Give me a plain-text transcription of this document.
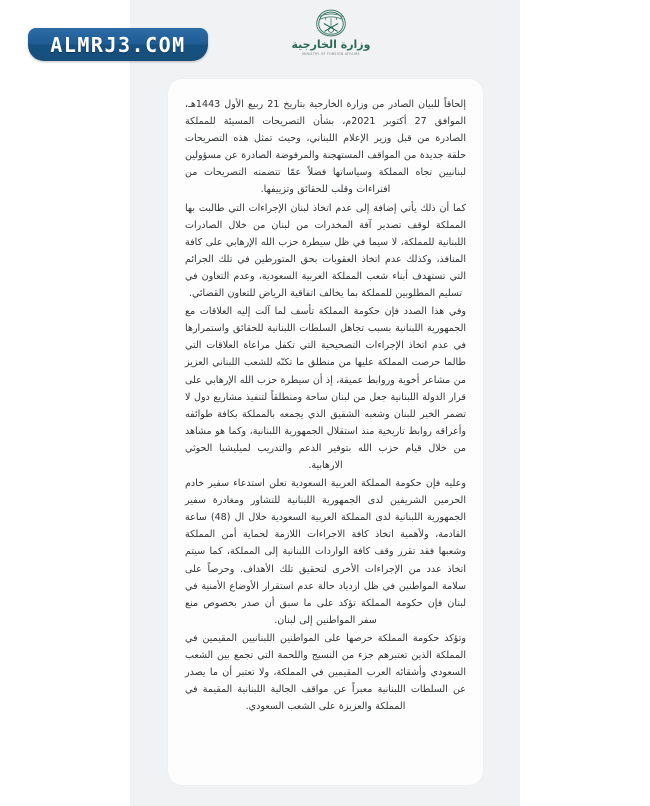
ALMRJ3.COM	وزارة الخارجية
MINISTRY OF FOREIGN AFFAIRS

إلحاقاً للبيان الصادر من وزارة الخارجية بتاريخ 21 ربيع الأول 1443هـ، الموافق 27 أكتوبر 2021م، بشأن التصريحات المسيئة للمملكة الصادرة من قبل وزير الإعلام اللبناني، وحيث تمثل هذه التصريحات حلقة جديدة من المواقف المستهجنة والمرفوضة الصادرة عن مسؤولين لبنانيين تجاه المملكة وسياساتها فضلاً عمّا تتضمنه التصريحات من افتراءات وقلب للحقائق وتزييفها.

كما أن ذلك يأتي إضافة إلى عدم اتخاذ لبنان الإجراءات التي طالبت بها المملكة لوقف تصدير آفة المخدرات من لبنان من خلال الصادرات اللبنانية للمملكة، لا سيما في ظل سيطرة حزب الله الإرهابي على كافة المنافذ، وكذلك عدم اتخاذ العقوبات بحق المتورطين في تلك الجرائم التي تستهدف أبناء شعب المملكة العربية السعودية، وعدم التعاون في تسليم المطلوبين للمملكة بما يخالف اتفاقية الرياض للتعاون القضائي.

وفي هذا الصدد فإن حكومة المملكة تأسف لما آلت إليه العلاقات مع الجمهورية اللبنانية بسبب تجاهل السلطات اللبنانية للحقائق واستمرارها في عدم اتخاذ الإجراءات التصحيحية التي تكفل مراعاة العلاقات التي طالما حرصت المملكة عليها من منطلق ما تكنّه للشعب اللبناني العزيز من مشاعر أخوية وروابط عميقة، إذ أن سيطرة حزب الله الإرهابي على قرار الدولة اللبنانية جعل من لبنان ساحة ومنطلقاً لتنفيذ مشاريع دول لا تضمر الخير للبنان وشعبه الشقيق الذي يجمعه بالمملكة بكافة طوائفه وأعراقه روابط تاريخية منذ استقلال الجمهورية اللبنانية، وكما هو مشاهد من خلال قيام حزب الله بتوفير الدعم والتدريب لميليشيا الحوثي الارهابية.

وعليه فإن حكومة المملكة العربية السعودية تعلن استدعاء سفير خادم الحرمين الشريفين لدى الجمهورية اللبنانية للتشاور ومغادرة سفير الجمهورية اللبنانية لدى المملكة العربية السعودية خلال ال (48) ساعة القادمة، ولأهمية اتخاذ كافة الاجراءات اللازمة لحماية أمن المملكة وشعبها فقد تقرر وقف كافة الواردات اللبنانية إلى المملكة، كما سيتم اتخاذ عدد من الإجراءات الأخرى لتحقيق تلك الأهداف. وحرصاً على سلامة المواطنين في ظل ازدياد حالة عدم استقرار الأوضاع الأمنية في لبنان فإن حكومة المملكة تؤكد على ما سبق أن صدر بخصوص منع سفر المواطنين إلى لبنان.

وتؤكد حكومة المملكة حرصها على المواطنين اللبنانيين المقيمين في المملكة الذين تعتبرهم جزء من النسيج واللحمة التي تجمع بين الشعب السعودي وأشقائه العرب المقيمين في المملكة، ولا تعتبر أن ما يصدر عن السلطات اللبنانية معبراً عن مواقف الجالية اللبنانية المقيمة في المملكة والعزيزة على الشعب السعودي.
